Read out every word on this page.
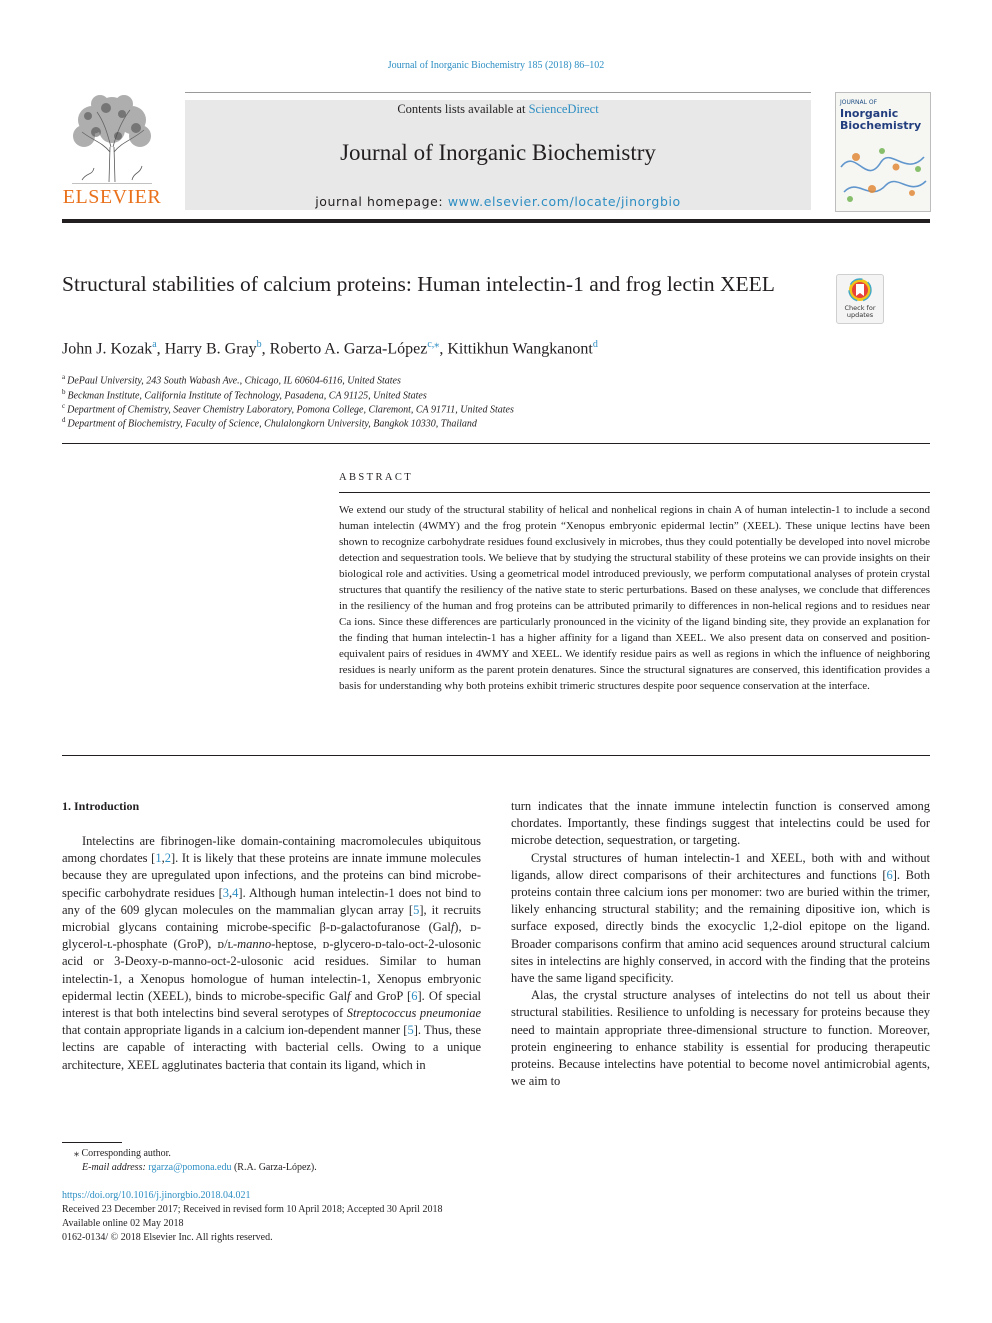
Journal of Inorganic Biochemistry 185 (2018) 86–102
ELSEVIER
Contents lists available at ScienceDirect
Journal of Inorganic Biochemistry
journal homepage: www.elsevier.com/locate/jinorgbio
JOURNAL OF
Inorganic Biochemistry
Structural stabilities of calcium proteins: Human intelectin-1 and frog lectin XEEL
Check for
updates
John J. Kozak$^a$, Harry B. Gray$^b$, Roberto A. Garza-López$^{c,⁎}$, Kittikhun Wangkanont$^d$
$^a$ DePaul University, 243 South Wabash Ave., Chicago, IL 60604-6116, United States
$^b$ Beckman Institute, California Institute of Technology, Pasadena, CA 91125, United States
$^c$ Department of Chemistry, Seaver Chemistry Laboratory, Pomona College, Claremont, CA 91711, United States
$^d$ Department of Biochemistry, Faculty of Science, Chulalongkorn University, Bangkok 10330, Thailand
ABSTRACT
We extend our study of the structural stability of helical and nonhelical regions in chain A of human intelectin-1 to include a second human intelectin (4WMY) and the frog protein “Xenopus embryonic epidermal lectin” (XEEL). These unique lectins have been shown to recognize carbohydrate residues found exclusively in microbes, thus they could potentially be developed into novel microbe detection and sequestration tools. We believe that by studying the structural stability of these proteins we can provide insights on their biological role and activities. Using a geometrical model introduced previously, we perform computational analyses of protein crystal structures that quantify the resiliency of the native state to steric perturbations. Based on these analyses, we conclude that differences in the resiliency of the human and frog proteins can be attributed primarily to differences in non-helical regions and to residues near Ca ions. Since these differences are particularly pronounced in the vicinity of the ligand binding site, they provide an explanation for the finding that human intelectin-1 has a higher affinity for a ligand than XEEL. We also present data on conserved and position-equivalent pairs of residues in 4WMY and XEEL. We identify residue pairs as well as regions in which the influence of neighboring residues is nearly uniform as the parent protein denatures. Since the structural signatures are conserved, this identification provides a basis for understanding why both proteins exhibit trimeric structures despite poor sequence conservation at the interface.
1. Introduction

Intelectins are fibrinogen-like domain-containing macromolecules ubiquitous among chordates [1,2]. It is likely that these proteins are innate immune molecules because they are upregulated upon infections, and the proteins can bind microbe-specific carbohydrate residues [3,4]. Although human intelectin-1 does not bind to any of the 609 glycan molecules on the mammalian glycan array [5], it recruits microbial glycans containing microbe-specific β-ᴅ-galactofuranose (Galf), ᴅ-glycerol-ʟ-phosphate (GroP), ᴅ/ʟ-manno-heptose, ᴅ-glycero-ᴅ-talo-oct-2-ulosonic acid or 3-Deoxy-ᴅ-manno-oct-2-ulosonic acid residues. Similar to human intelectin-1, a Xenopus homologue of human intelectin-1, Xenopus embryonic epidermal lectin (XEEL), binds to microbe-specific Galf and GroP [6]. Of special interest is that both intelectins bind several serotypes of Streptococcus pneumoniae that contain appropriate ligands in a calcium ion-dependent manner [5]. Thus, these lectins are capable of interacting with bacterial cells. Owing to a unique architecture, XEEL agglutinates bacteria that contain its ligand, which in

turn indicates that the innate immune intelectin function is conserved among chordates. Importantly, these findings suggest that intelectins could be used for microbe detection, sequestration, or targeting.

Crystal structures of human intelectin-1 and XEEL, both with and without ligands, allow direct comparisons of their architectures and functions [6]. Both proteins contain three calcium ions per monomer: two are buried within the trimer, likely enhancing structural stability; and the remaining dipositive ion, which is surface exposed, directly binds the exocyclic 1,2-diol epitope on the ligand. Broader comparisons confirm that amino acid sequences around structural calcium sites in intelectins are highly conserved, in accord with the finding that the proteins have the same ligand specificity.

Alas, the crystal structure analyses of intelectins do not tell us about their structural stabilities. Resilience to unfolding is necessary for proteins because they need to maintain appropriate three-dimensional structure to function. Moreover, protein engineering to enhance stability is essential for producing therapeutic proteins. Because intelectins have potential to become novel antimicrobial agents, we aim to

⁎ Corresponding author.
E-mail address: rgarza@pomona.edu (R.A. Garza-López).
https://doi.org/10.1016/j.jinorgbio.2018.04.021
Received 23 December 2017; Received in revised form 10 April 2018; Accepted 30 April 2018
Available online 02 May 2018
0162-0134/ © 2018 Elsevier Inc. All rights reserved.
